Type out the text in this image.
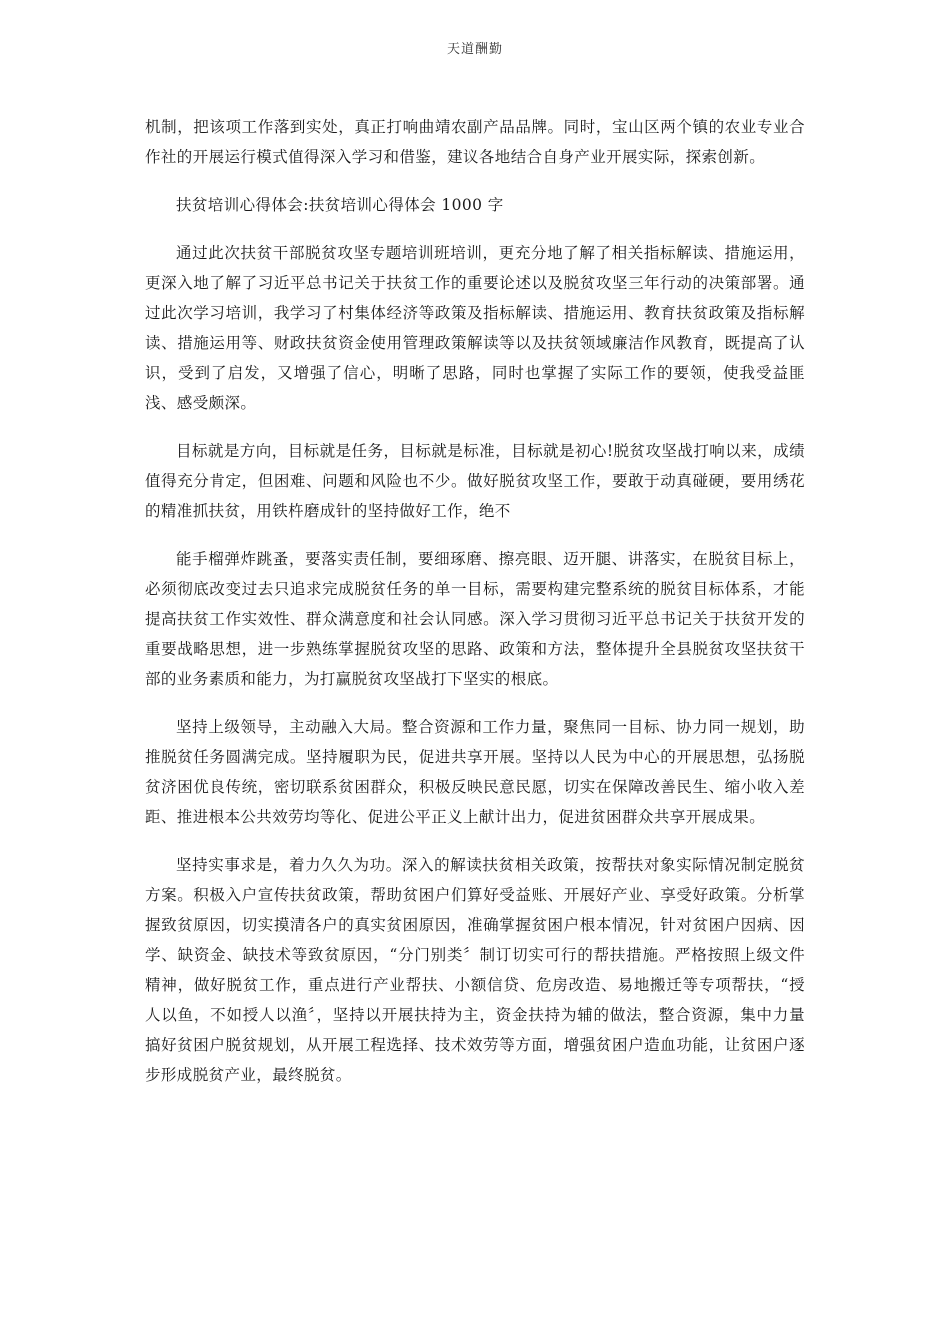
天道酬勤

机制，把该项工作落到实处，真正打响曲靖农副产品品牌。同时，宝山区两个镇的农业专业合作社的开展运行模式值得深入学习和借鉴，建议各地结合自身产业开展实际，探索创新。

扶贫培训心得体会:扶贫培训心得体会 1000 字

通过此次扶贫干部脱贫攻坚专题培训班培训，更充分地了解了相关指标解读、措施运用，更深入地了解了习近平总书记关于扶贫工作的重要论述以及脱贫攻坚三年行动的决策部署。通过此次学习培训，我学习了村集体经济等政策及指标解读、措施运用、教育扶贫政策及指标解读、措施运用等、财政扶贫资金使用管理政策解读等以及扶贫领域廉洁作风教育，既提高了认识，受到了启发，又增强了信心，明晰了思路，同时也掌握了实际工作的要领，使我受益匪浅、感受颇深。

目标就是方向，目标就是任务，目标就是标准，目标就是初心!脱贫攻坚战打响以来，成绩值得充分肯定，但困难、问题和风险也不少。做好脱贫攻坚工作，要敢于动真碰硬，要用绣花的精准抓扶贫，用铁杵磨成针的坚持做好工作，绝不

能手榴弹炸跳蚤，要落实责任制，要细琢磨、擦亮眼、迈开腿、讲落实，在脱贫目标上，必须彻底改变过去只追求完成脱贫任务的单一目标，需要构建完整系统的脱贫目标体系，才能提高扶贫工作实效性、群众满意度和社会认同感。深入学习贯彻习近平总书记关于扶贫开发的重要战略思想，进一步熟练掌握脱贫攻坚的思路、政策和方法，整体提升全县脱贫攻坚扶贫干部的业务素质和能力，为打赢脱贫攻坚战打下坚实的根底。

坚持上级领导，主动融入大局。整合资源和工作力量，聚焦同一目标、协力同一规划，助推脱贫任务圆满完成。坚持履职为民，促进共享开展。坚持以人民为中心的开展思想，弘扬脱贫济困优良传统，密切联系贫困群众，积极反映民意民愿，切实在保障改善民生、缩小收入差距、推进根本公共效劳均等化、促进公平正义上献计出力，促进贫困群众共享开展成果。

坚持实事求是，着力久久为功。深入的解读扶贫相关政策，按帮扶对象实际情况制定脱贫方案。积极入户宣传扶贫政策，帮助贫困户们算好受益账、开展好产业、享受好政策。分析掌握致贫原因，切实摸清各户的真实贫困原因，准确掌握贫困户根本情况，针对贫困户因病、因学、缺资金、缺技术等致贫原因，“分门别类〞制订切实可行的帮扶措施。严格按照上级文件精神，做好脱贫工作，重点进行产业帮扶、小额信贷、危房改造、易地搬迁等专项帮扶，“授人以鱼，不如授人以渔〞，坚持以开展扶持为主，资金扶持为辅的做法，整合资源，集中力量搞好贫困户脱贫规划，从开展工程选择、技术效劳等方面，增强贫困户造血功能，让贫困户逐步形成脱贫产业，最终脱贫。
